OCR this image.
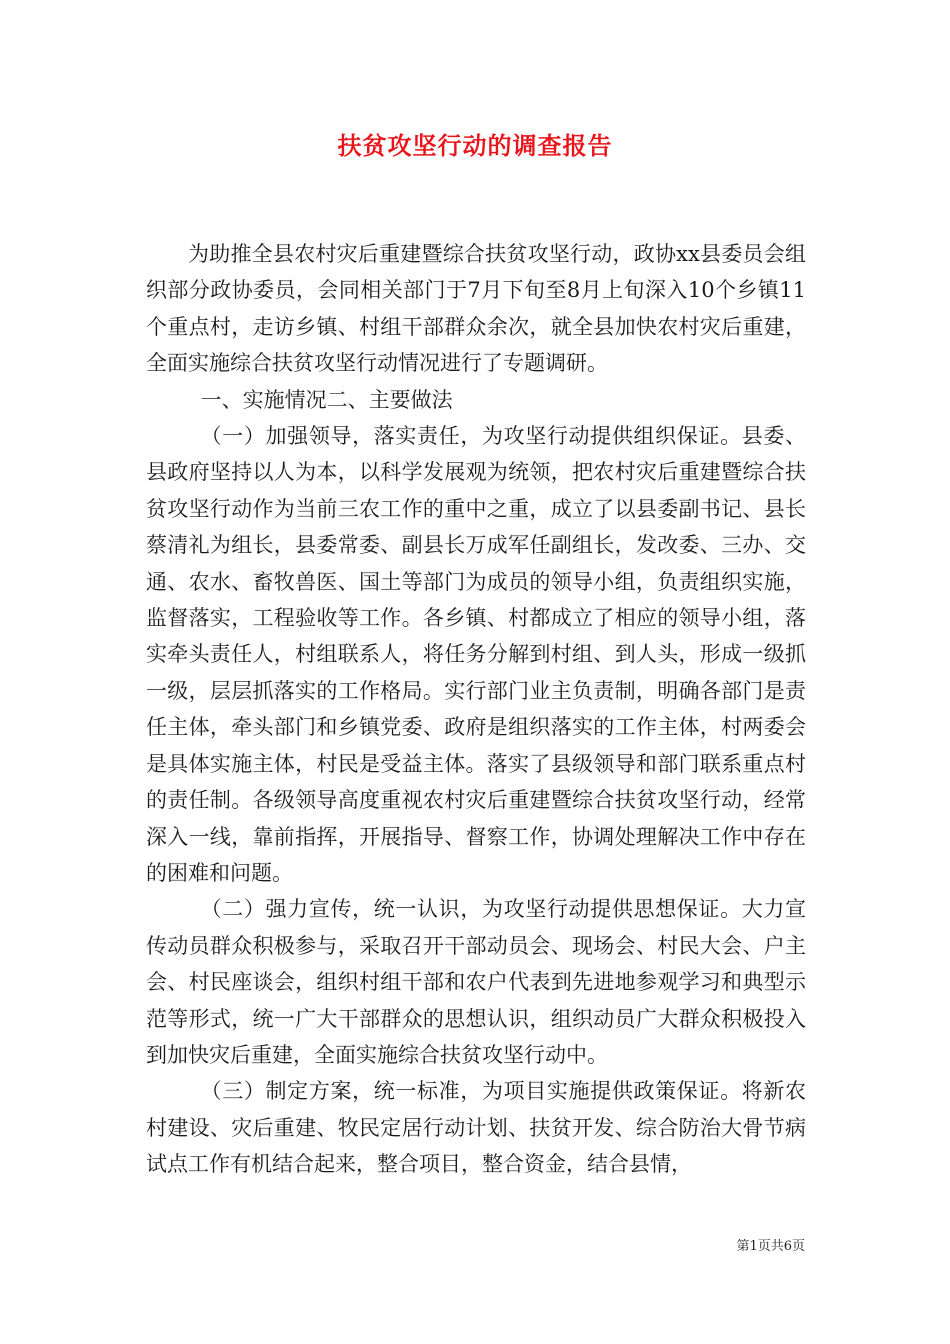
扶贫攻坚行动的调查报告

为助推全县农村灾后重建暨综合扶贫攻坚行动，政协xx县委员会组织部分政协委员，会同相关部门于7月下旬至8月上旬深入10个乡镇11个重点村，走访乡镇、村组干部群众余次，就全县加快农村灾后重建，全面实施综合扶贫攻坚行动情况进行了专题调研。

一、实施情况二、主要做法

（一）加强领导，落实责任，为攻坚行动提供组织保证。县委、县政府坚持以人为本，以科学发展观为统领，把农村灾后重建暨综合扶贫攻坚行动作为当前三农工作的重中之重，成立了以县委副书记、县长蔡清礼为组长，县委常委、副县长万成军任副组长，发改委、三办、交通、农水、畜牧兽医、国土等部门为成员的领导小组，负责组织实施，监督落实，工程验收等工作。各乡镇、村都成立了相应的领导小组，落实牵头责任人，村组联系人，将任务分解到村组、到人头，形成一级抓一级，层层抓落实的工作格局。实行部门业主负责制，明确各部门是责任主体，牵头部门和乡镇党委、政府是组织落实的工作主体，村两委会是具体实施主体，村民是受益主体。落实了县级领导和部门联系重点村的责任制。各级领导高度重视农村灾后重建暨综合扶贫攻坚行动，经常深入一线，靠前指挥，开展指导、督察工作，协调处理解决工作中存在的困难和问题。

（二）强力宣传，统一认识，为攻坚行动提供思想保证。大力宣传动员群众积极参与，采取召开干部动员会、现场会、村民大会、户主会、村民座谈会，组织村组干部和农户代表到先进地参观学习和典型示范等形式，统一广大干部群众的思想认识，组织动员广大群众积极投入到加快灾后重建，全面实施综合扶贫攻坚行动中。

（三）制定方案，统一标准，为项目实施提供政策保证。将新农村建设、灾后重建、牧民定居行动计划、扶贫开发、综合防治大骨节病试点工作有机结合起来，整合项目，整合资金，结合县情，

第1页共6页
